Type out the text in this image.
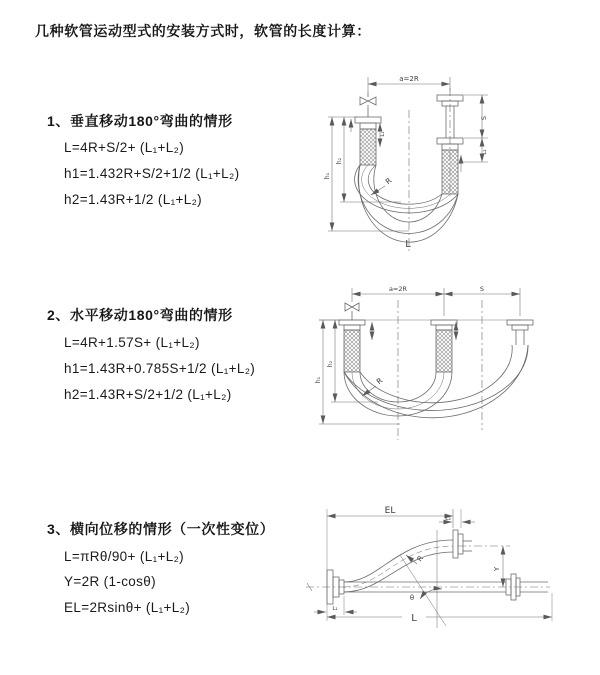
几种软管运动型式的安装方式时，软管的长度计算：
1、垂直移动180°弯曲的情形
L=4R+S/2+ (L₁+L₂)
h1=1.432R+S/2+1/2 (L₁+L₂)
h2=1.43R+1/2 (L₁+L₂)
2、水平移动180°弯曲的情形
L=4R+1.57S+ (L₁+L₂)
h1=1.43R+0.785S+1/2 (L₁+L₂)
h2=1.43R+S/2+1/2 (L₁+L₂)
3、横向位移的情形（一次性变位）
L=πRθ/90+ (L₁+L₂)
Y=2R (1-cosθ)
EL=2Rsinθ+ (L₁+L₂)
a=2R
S
L₂
L₁
h₂
h₁	R
L
a=2R	S
h₂
h₁	R
EL
L₂
Y
R
θ
L
L₁
